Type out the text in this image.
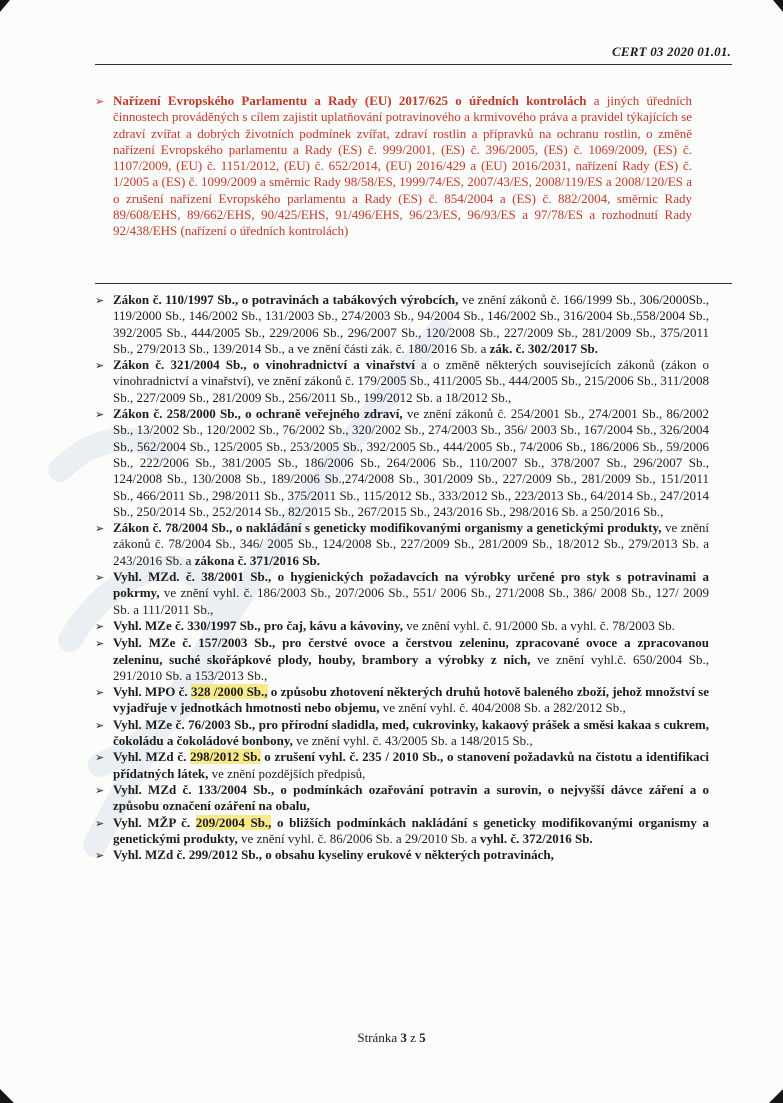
CERT 03 2020 01.01.
➢ Nařízení Evropského Parlamentu a Rady (EU) 2017/625 o úředních kontrolách a jiných úředních činnostech prováděných s cílem zajistit uplatňování potravinového a krmivového práva a pravidel týkajících se zdraví zvířat a dobrých životních podmínek zvířat, zdraví rostlin a přípravků na ochranu rostlin, o změně nařízení Evropského parlamentu a Rady (ES) č. 999/2001, (ES) č. 396/2005, (ES) č. 1069/2009, (ES) č. 1107/2009, (EU) č. 1151/2012, (EU) č. 652/2014, (EU) 2016/429 a (EU) 2016/2031, nařízení Rady (ES) č. 1/2005 a (ES) č. 1099/2009 a směrnic Rady 98/58/ES, 1999/74/ES, 2007/43/ES, 2008/119/ES a 2008/120/ES a o zrušení nařízení Evropského parlamentu a Rady (ES) č. 854/2004 a (ES) č. 882/2004, směrnic Rady 89/608/EHS, 89/662/EHS, 90/425/EHS, 91/496/EHS, 96/23/ES, 96/93/ES a 97/78/ES a rozhodnutí Rady 92/438/EHS (nařízení o úředních kontrolách)
➢ Zákon č. 110/1997 Sb., o potravinách a tabákových výrobcích, ve znění zákonů č. 166/1999 Sb., 306/2000Sb., 119/2000 Sb., 146/2002 Sb., 131/2003 Sb., 274/2003 Sb., 94/2004 Sb., 146/2002 Sb., 316/2004 Sb.,558/2004 Sb., 392/2005 Sb., 444/2005 Sb., 229/2006 Sb., 296/2007 Sb., 120/2008 Sb., 227/2009 Sb., 281/2009 Sb., 375/2011 Sb., 279/2013 Sb., 139/2014 Sb., a ve znění části zák. č. 180/2016 Sb. a zák. č. 302/2017 Sb.
➢ Zákon č. 321/2004 Sb., o vinohradnictví a vinařství a o změně některých souvisejících zákonů (zákon o vinohradnictví a vinařství), ve znění zákonů č. 179/2005 Sb., 411/2005 Sb., 444/2005 Sb., 215/2006 Sb., 311/2008 Sb., 227/2009 Sb., 281/2009 Sb., 256/2011 Sb., 199/2012 Sb. a 18/2012 Sb.,
➢ Zákon č. 258/2000 Sb., o ochraně veřejného zdraví, ve znění zákonů č. 254/2001 Sb., 274/2001 Sb., 86/2002 Sb., 13/2002 Sb., 120/2002 Sb., 76/2002 Sb., 320/2002 Sb., 274/2003 Sb., 356/ 2003 Sb., 167/2004 Sb., 326/2004 Sb., 562/2004 Sb., 125/2005 Sb., 253/2005 Sb., 392/2005 Sb., 444/2005 Sb., 74/2006 Sb., 186/2006 Sb., 59/2006 Sb., 222/2006 Sb., 381/2005 Sb., 186/2006 Sb., 264/2006 Sb., 110/2007 Sb., 378/2007 Sb., 296/2007 Sb., 124/2008 Sb., 130/2008 Sb., 189/2006 Sb.,274/2008 Sb., 301/2009 Sb., 227/2009 Sb., 281/2009 Sb., 151/2011 Sb., 466/2011 Sb., 298/2011 Sb., 375/2011 Sb., 115/2012 Sb., 333/2012 Sb., 223/2013 Sb., 64/2014 Sb., 247/2014 Sb., 250/2014 Sb., 252/2014 Sb., 82/2015 Sb., 267/2015 Sb., 243/2016 Sb., 298/2016 Sb. a 250/2016 Sb.,
➢ Zákon č. 78/2004 Sb., o nakládání s geneticky modifikovanými organismy a genetickými produkty, ve znění zákonů č. 78/2004 Sb., 346/ 2005 Sb., 124/2008 Sb., 227/2009 Sb., 281/2009 Sb., 18/2012 Sb., 279/2013 Sb. a 243/2016 Sb. a zákona č. 371/2016 Sb.
➢ Vyhl. MZd. č. 38/2001 Sb., o hygienických požadavcích na výrobky určené pro styk s potravinami a pokrmy, ve znění vyhl. č. 186/2003 Sb., 207/2006 Sb., 551/ 2006 Sb., 271/2008 Sb., 386/ 2008 Sb., 127/ 2009 Sb. a 111/2011 Sb.,
➢ Vyhl. MZe č. 330/1997 Sb., pro čaj, kávu a kávoviny, ve znění vyhl. č. 91/2000 Sb. a vyhl. č. 78/2003 Sb.
➢ Vyhl. MZe č. 157/2003 Sb., pro čerstvé ovoce a čerstvou zeleninu, zpracované ovoce a zpracovanou zeleninu, suché skořápkové plody, houby, brambory a výrobky z nich, ve znění vyhl.č. 650/2004 Sb., 291/2010 Sb. a 153/2013 Sb.,
➢ Vyhl. MPO č. 328 /2000 Sb., o způsobu zhotovení některých druhů hotově baleného zboží, jehož množství se vyjadřuje v jednotkách hmotnosti nebo objemu, ve znění vyhl. č. 404/2008 Sb. a 282/2012 Sb.,
➢ Vyhl. MZe č. 76/2003 Sb., pro přírodní sladidla, med, cukrovinky, kakaový prášek a směsi kakaa s cukrem, čokoládu a čokoládové bonbony, ve znění vyhl. č. 43/2005 Sb. a 148/2015 Sb.,
➢ Vyhl. MZd č. 298/2012 Sb. o zrušení vyhl. č. 235 / 2010 Sb., o stanovení požadavků na čistotu a identifikaci přídatných látek, ve znění pozdějších předpisů,
➢ Vyhl. MZd č. 133/2004 Sb., o podmínkách ozařování potravin a surovin, o nejvyšší dávce záření a o způsobu označení ozáření na obalu,
➢ Vyhl. MŽP č. 209/2004 Sb., o bližších podmínkách nakládání s geneticky modifikovanými organismy a genetickými produkty, ve znění vyhl. č. 86/2006 Sb. a 29/2010 Sb. a vyhl. č. 372/2016 Sb.
➢ Vyhl. MZd č. 299/2012 Sb., o obsahu kyseliny erukové v některých potravinách,
Stránka 3 z 5
